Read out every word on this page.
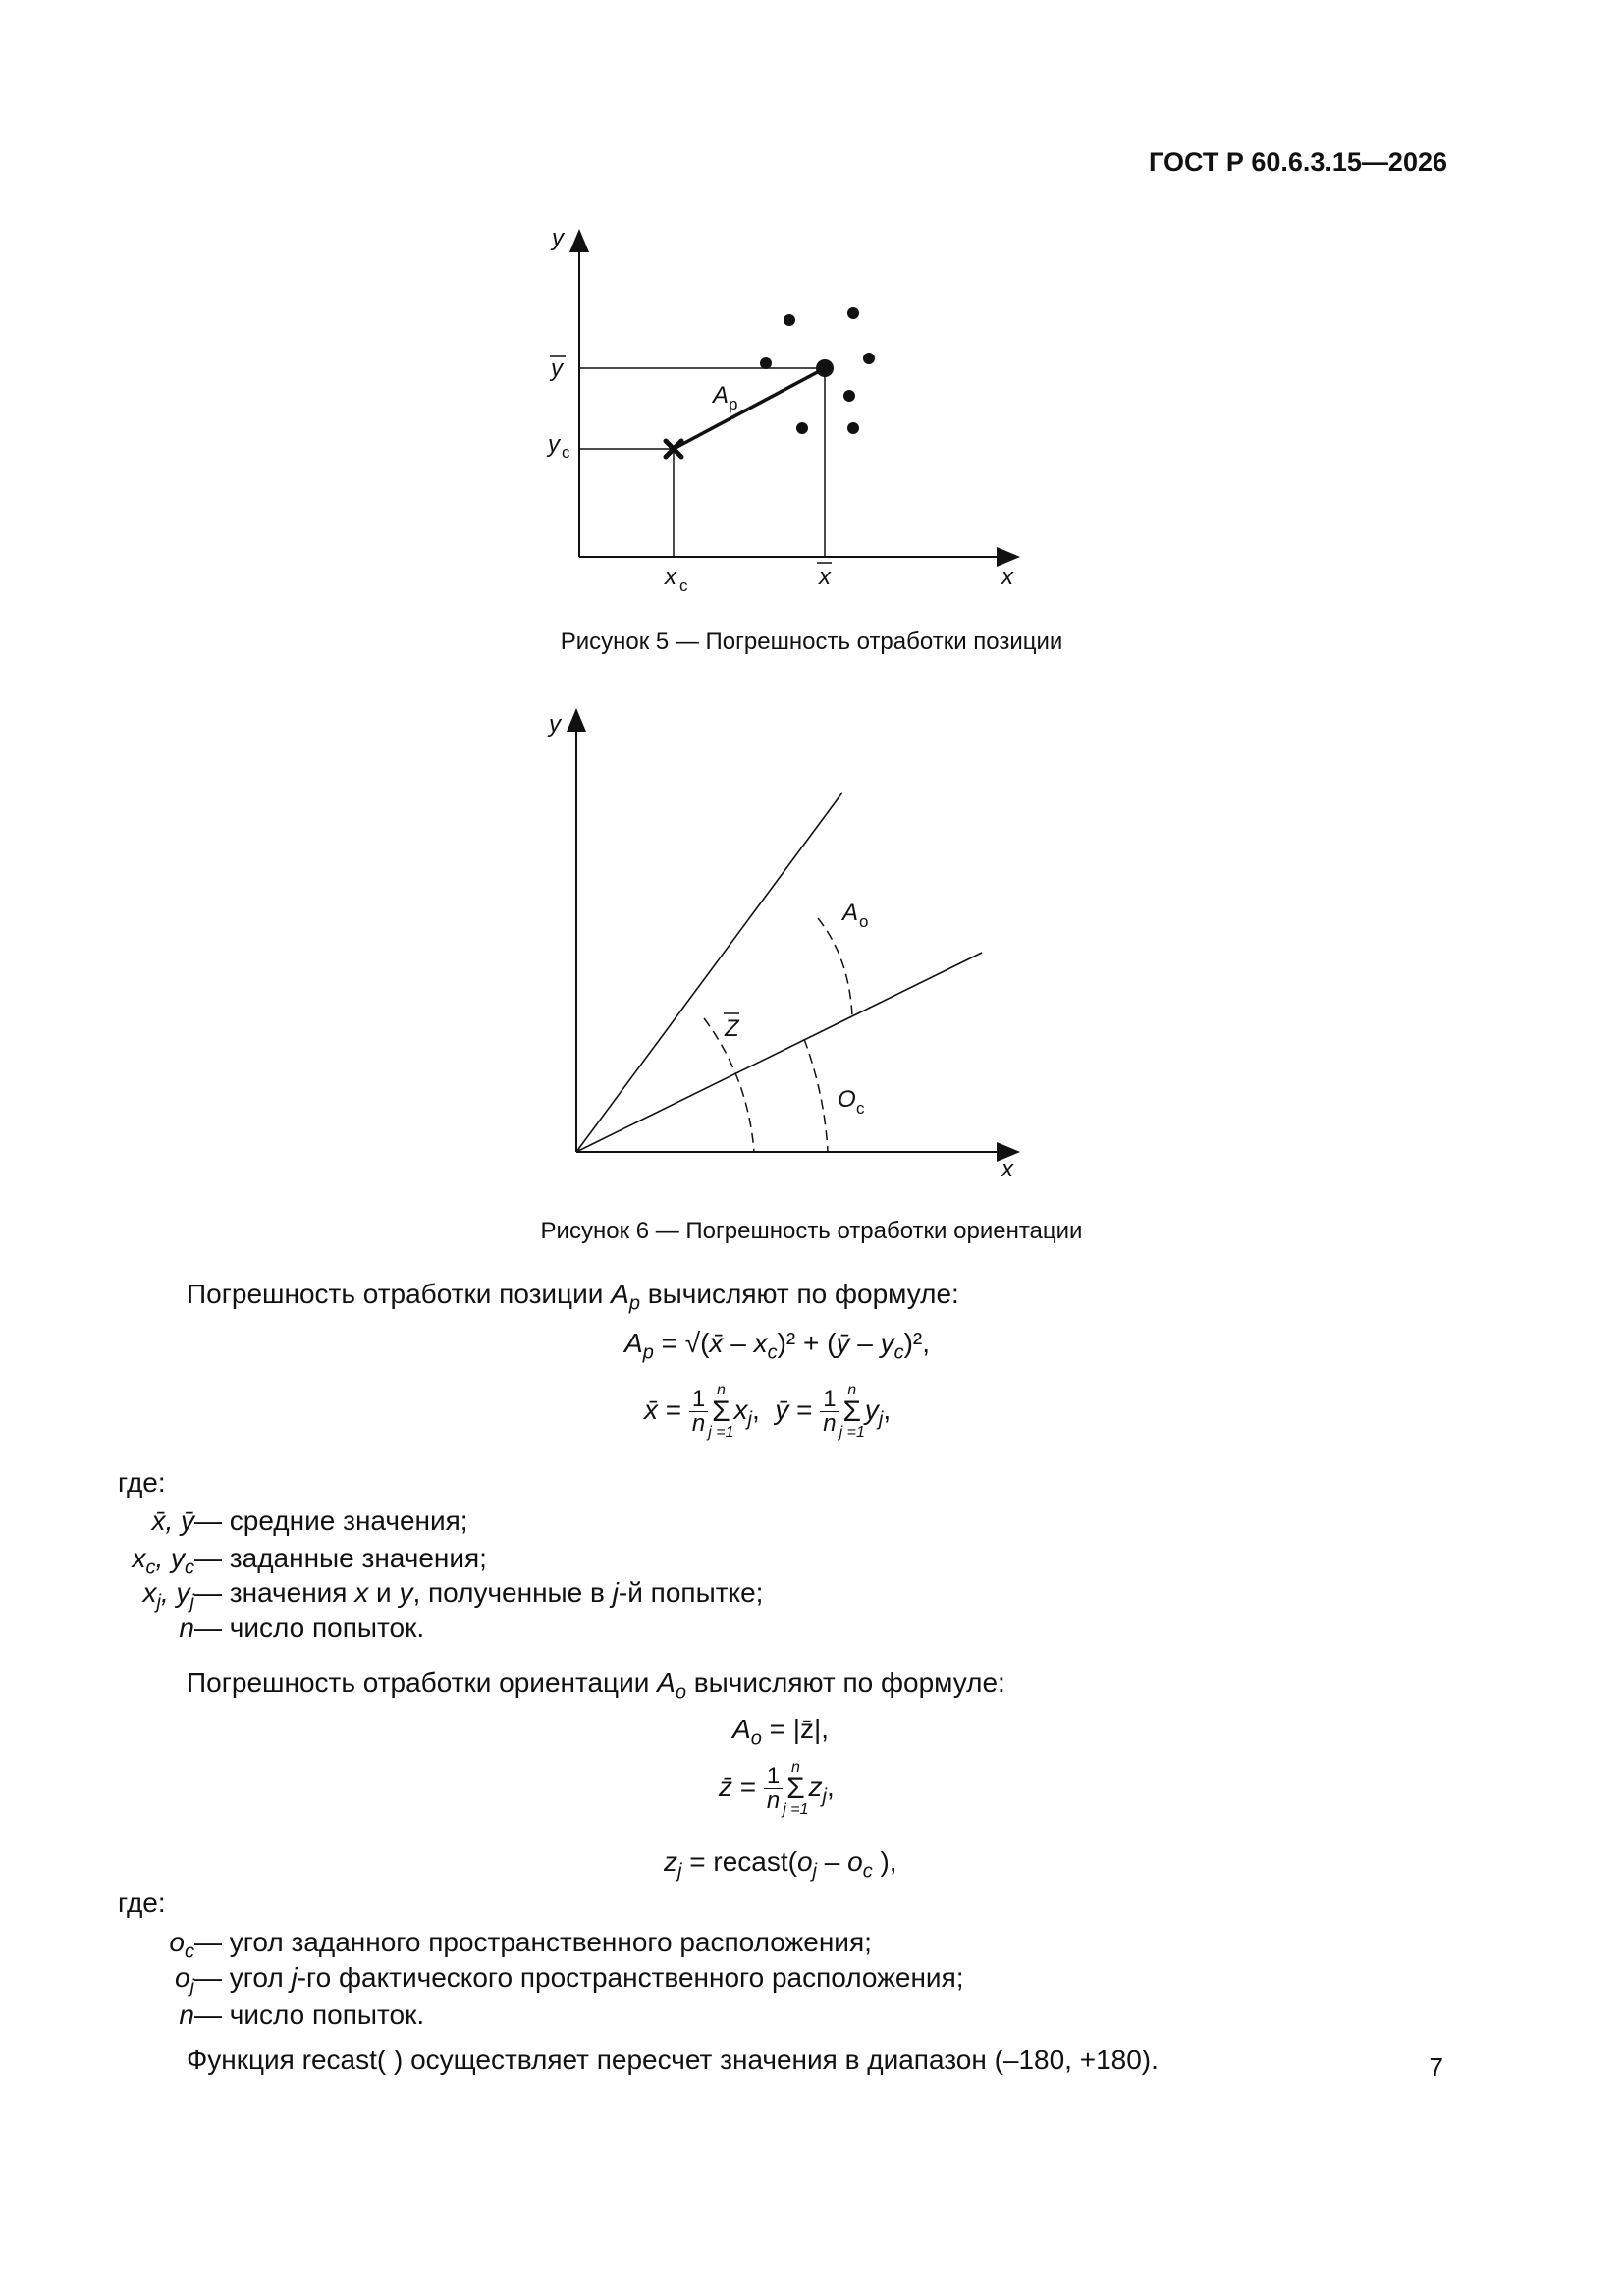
ГОСТ Р 60.6.3.15—2026
y
x
y
y c
x c	x
A p
Рисунок 5 — Погрешность отработки позиции
y
x
A o
Z
O c
Рисунок 6 — Погрешность отработки ориентации
Погрешность отработки позиции $A_p$ вычисляют по формуле:
$A_p$ = √(x̄ – $x_c)^2$ + (ȳ – $y_c)^2$,
x̄ = $\frac{1}{n}$ n
Σ
j =1
$x_j$, ȳ = $\frac{1}{n}$ n
Σ
j =1
$y_j$,
где:
x̄, ȳ — средние значения;
$x_c$, $y_c$ — заданные значения;
$x_j$, $y_j$ — значения x и y, полученные в j-й попытке;
n — число попыток.
Погрешность отработки ориентации $A_o$ вычисляют по формуле:
$A_o$ = |z̄|,
z̄ = $\frac{1}{n}$ n
Σ
j =1
$z_j$,
$z_j$ = $recast(o_j - o_c$ ),
где:
$o_c$ — угол заданного пространственного расположения;
$o_j$ — угол j-го фактического пространственного расположения;
n — число попыток.
Функция recast( ) осуществляет пересчет значения в диапазон (–180, +180).	7
